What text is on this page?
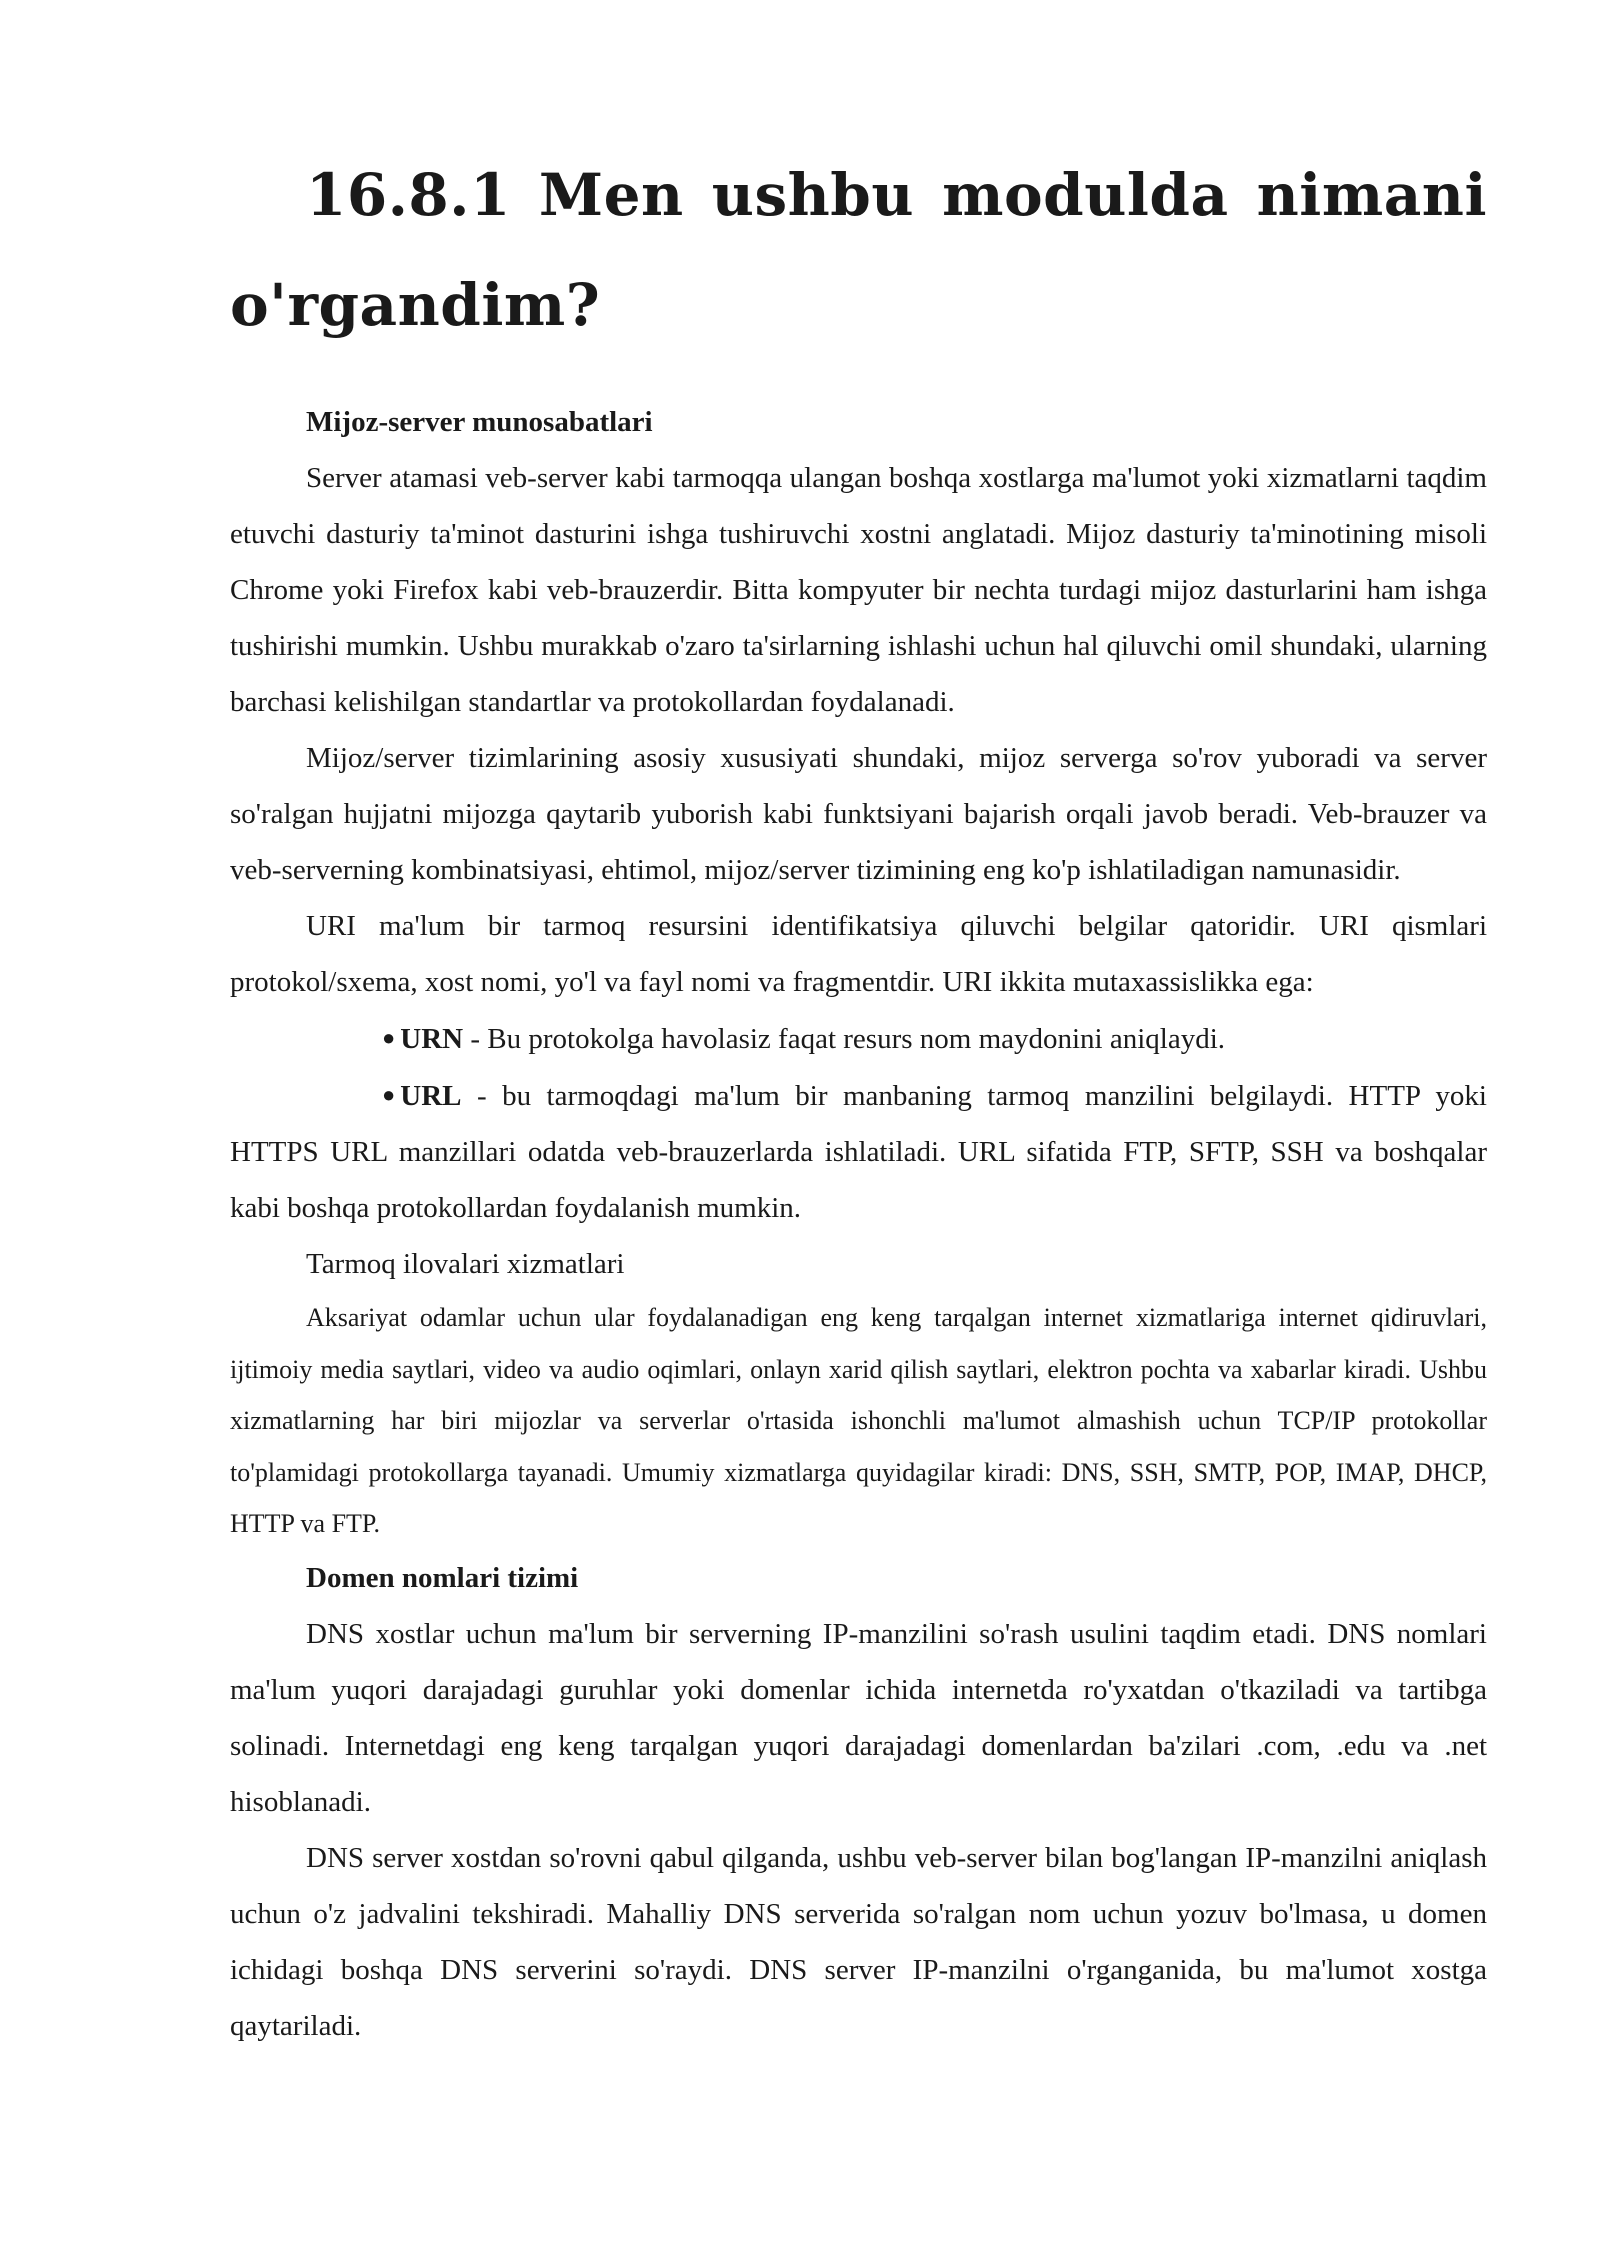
16.8.1 Men ushbu modulda nimani o'rgandim?
Mijoz-server munosabatlari

Server atamasi veb-server kabi tarmoqqa ulangan boshqa xostlarga ma'lumot yoki xizmatlarni taqdim etuvchi dasturiy ta'minot dasturini ishga tushiruvchi xostni anglatadi. Mijoz dasturiy ta'minotining misoli Chrome yoki Firefox kabi veb-brauzerdir. Bitta kompyuter bir nechta turdagi mijoz dasturlarini ham ishga tushirishi mumkin. Ushbu murakkab o'zaro ta'sirlarning ishlashi uchun hal qiluvchi omil shundaki, ularning barchasi kelishilgan standartlar va protokollardan foydalanadi.

Mijoz/server tizimlarining asosiy xususiyati shundaki, mijoz serverga so'rov yuboradi va server so'ralgan hujjatni mijozga qaytarib yuborish kabi funktsiyani bajarish orqali javob beradi. Veb-brauzer va veb-serverning kombinatsiyasi, ehtimol, mijoz/server tizimining eng ko'p ishlatiladigan namunasidir.

URI ma'lum bir tarmoq resursini identifikatsiya qiluvchi belgilar qatoridir. URI qismlari protokol/sxema, xost nomi, yo'l va fayl nomi va fragmentdir. URI ikkita mutaxassislikka ega:

● URN - Bu protokolga havolasiz faqat resurs nom maydonini aniqlaydi.
● URL - bu tarmoqdagi ma'lum bir manbaning tarmoq manzilini belgilaydi. HTTP yoki HTTPS URL manzillari odatda veb-brauzerlarda ishlatiladi. URL sifatida FTP, SFTP, SSH va boshqalar kabi boshqa protokollardan foydalanish mumkin.
Tarmoq ilovalari xizmatlari

Aksariyat odamlar uchun ular foydalanadigan eng keng tarqalgan internet xizmatlariga internet qidiruvlari, ijtimoiy media saytlari, video va audio oqimlari, onlayn xarid qilish saytlari, elektron pochta va xabarlar kiradi. Ushbu xizmatlarning har biri mijozlar va serverlar o'rtasida ishonchli ma'lumot almashish uchun TCP/IP protokollar to'plamidagi protokollarga tayanadi. Umumiy xizmatlarga quyidagilar kiradi: DNS, SSH, SMTP, POP, IMAP, DHCP, HTTP va FTP.

Domen nomlari tizimi

DNS xostlar uchun ma'lum bir serverning IP-manzilini so'rash usulini taqdim etadi. DNS nomlari ma'lum yuqori darajadagi guruhlar yoki domenlar ichida internetda ro'yxatdan o'tkaziladi va tartibga solinadi. Internetdagi eng keng tarqalgan yuqori darajadagi domenlardan ba'zilari .com, .edu va .net hisoblanadi.

DNS server xostdan so'rovni qabul qilganda, ushbu veb-server bilan bog'langan IP-manzilni aniqlash uchun o'z jadvalini tekshiradi. Mahalliy DNS serverida so'ralgan nom uchun yozuv bo'lmasa, u domen ichidagi boshqa DNS serverini so'raydi. DNS server IP-manzilni o'rganganida, bu ma'lumot xostga qaytariladi.
